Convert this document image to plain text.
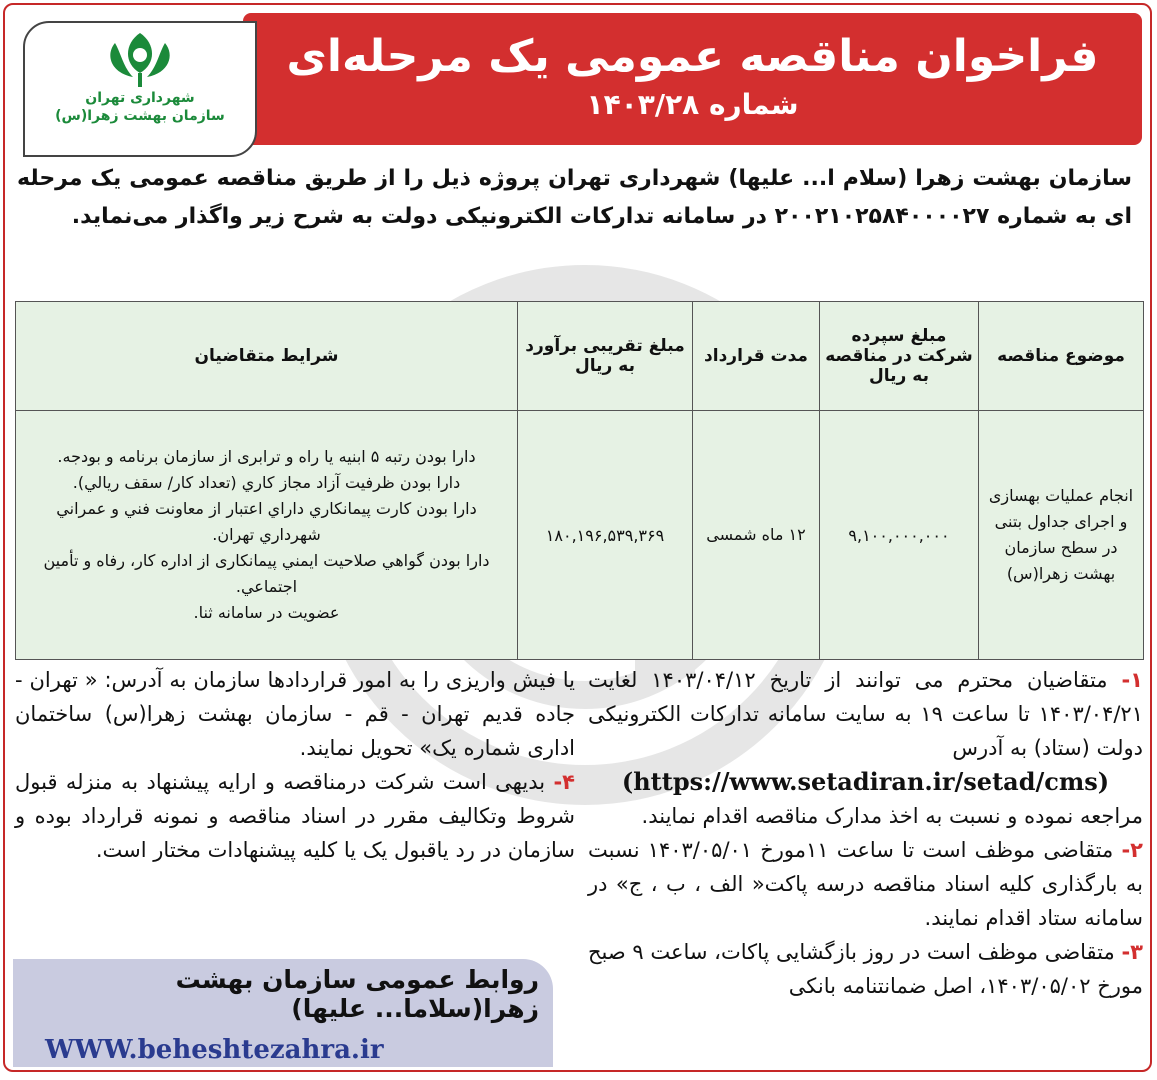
فراخوان مناقصه عمومی یک مرحله‌ای
شماره ۱۴۰۳/۲۸
شهرداری تهران
سازمان بهشت زهرا(س)
سازمان بهشت زهرا (سلام ا... علیها) شهرداری تهران پروژه ذیل را از طریق مناقصه عمومی یک مرحله ای به شماره ۲۰۰۲۱۰۲۵۸۴۰۰۰۰۲۷ در سامانه تدارکات الکترونیکی دولت به شرح زیر واگذار می‌نماید.
موضوع مناقصه	مبلغ سپرده شرکت در مناقصه به ریال	مدت قرارداد	مبلغ تقریبی برآورد به ریال	شرایط متقاضیان
انجام عملیات بهسازی و اجرای جداول بتنی در سطح سازمان بهشت زهرا(س)	۹,۱۰۰,۰۰۰,۰۰۰	۱۲ ماه شمسی	۱۸۰,۱۹۶,۵۳۹,۳۶۹	دارا بودن رتبه ۵ ابنیه یا راه و ترابری از سازمان برنامه و بودجه.

دارا بودن ظرفيت آزاد مجاز كاري (تعداد كار/ سقف ريالي).

دارا بودن کارت پیمانکاري داراي اعتبار از معاونت فني و عمراني شهرداري تهران.

دارا بودن گواهي صلاحیت ايمني پيمانكاری از اداره کار، رفاه و تأمین اجتماعي.

عضویت در سامانه ثنا.

۱- متقاضیان محترم می توانند از تاریخ ۱۴۰۳/۰۴/۱۲ لغایت ۱۴۰۳/۰۴/۲۱ تا ساعت ۱۹ به سایت سامانه تدارکات الکترونیکی دولت (ستاد) به آدرس

(https://www.setadiran.ir/setad/cms)

مراجعه نموده و نسبت به اخذ مدارک مناقصه اقدام نمایند.

۲- متقاضی موظف است تا ساعت ۱۱مورخ ۱۴۰۳/۰۵/۰۱ نسبت به بارگذاری کلیه اسناد مناقصه درسه پاکت« الف ، ب ، ج» در سامانه ستاد اقدام نمایند.

۳- متقاضی موظف است در روز بازگشایی پاکات، ساعت ۹ صبح مورخ ۱۴۰۳/۰۵/۰۲، اصل ضمانتنامه بانکی

یا فیش واریزی را به امور قراردادها سازمان به آدرس: « تهران - جاده قدیم تهران - قم - سازمان بهشت زهرا(س) ساختمان اداری شماره یک» تحویل نمایند.

۴- بدیهی است شرکت درمناقصه و ارایه پیشنهاد به منزله قبول شروط وتکالیف مقرر در اسناد مناقصه و نمونه قرارداد بوده و سازمان در رد یاقبول یک یا کلیه پیشنهادات مختار است.

روابط عمومی سازمان بهشت زهرا(سلاما... علیها)
WWW.beheshtezahra.ir
